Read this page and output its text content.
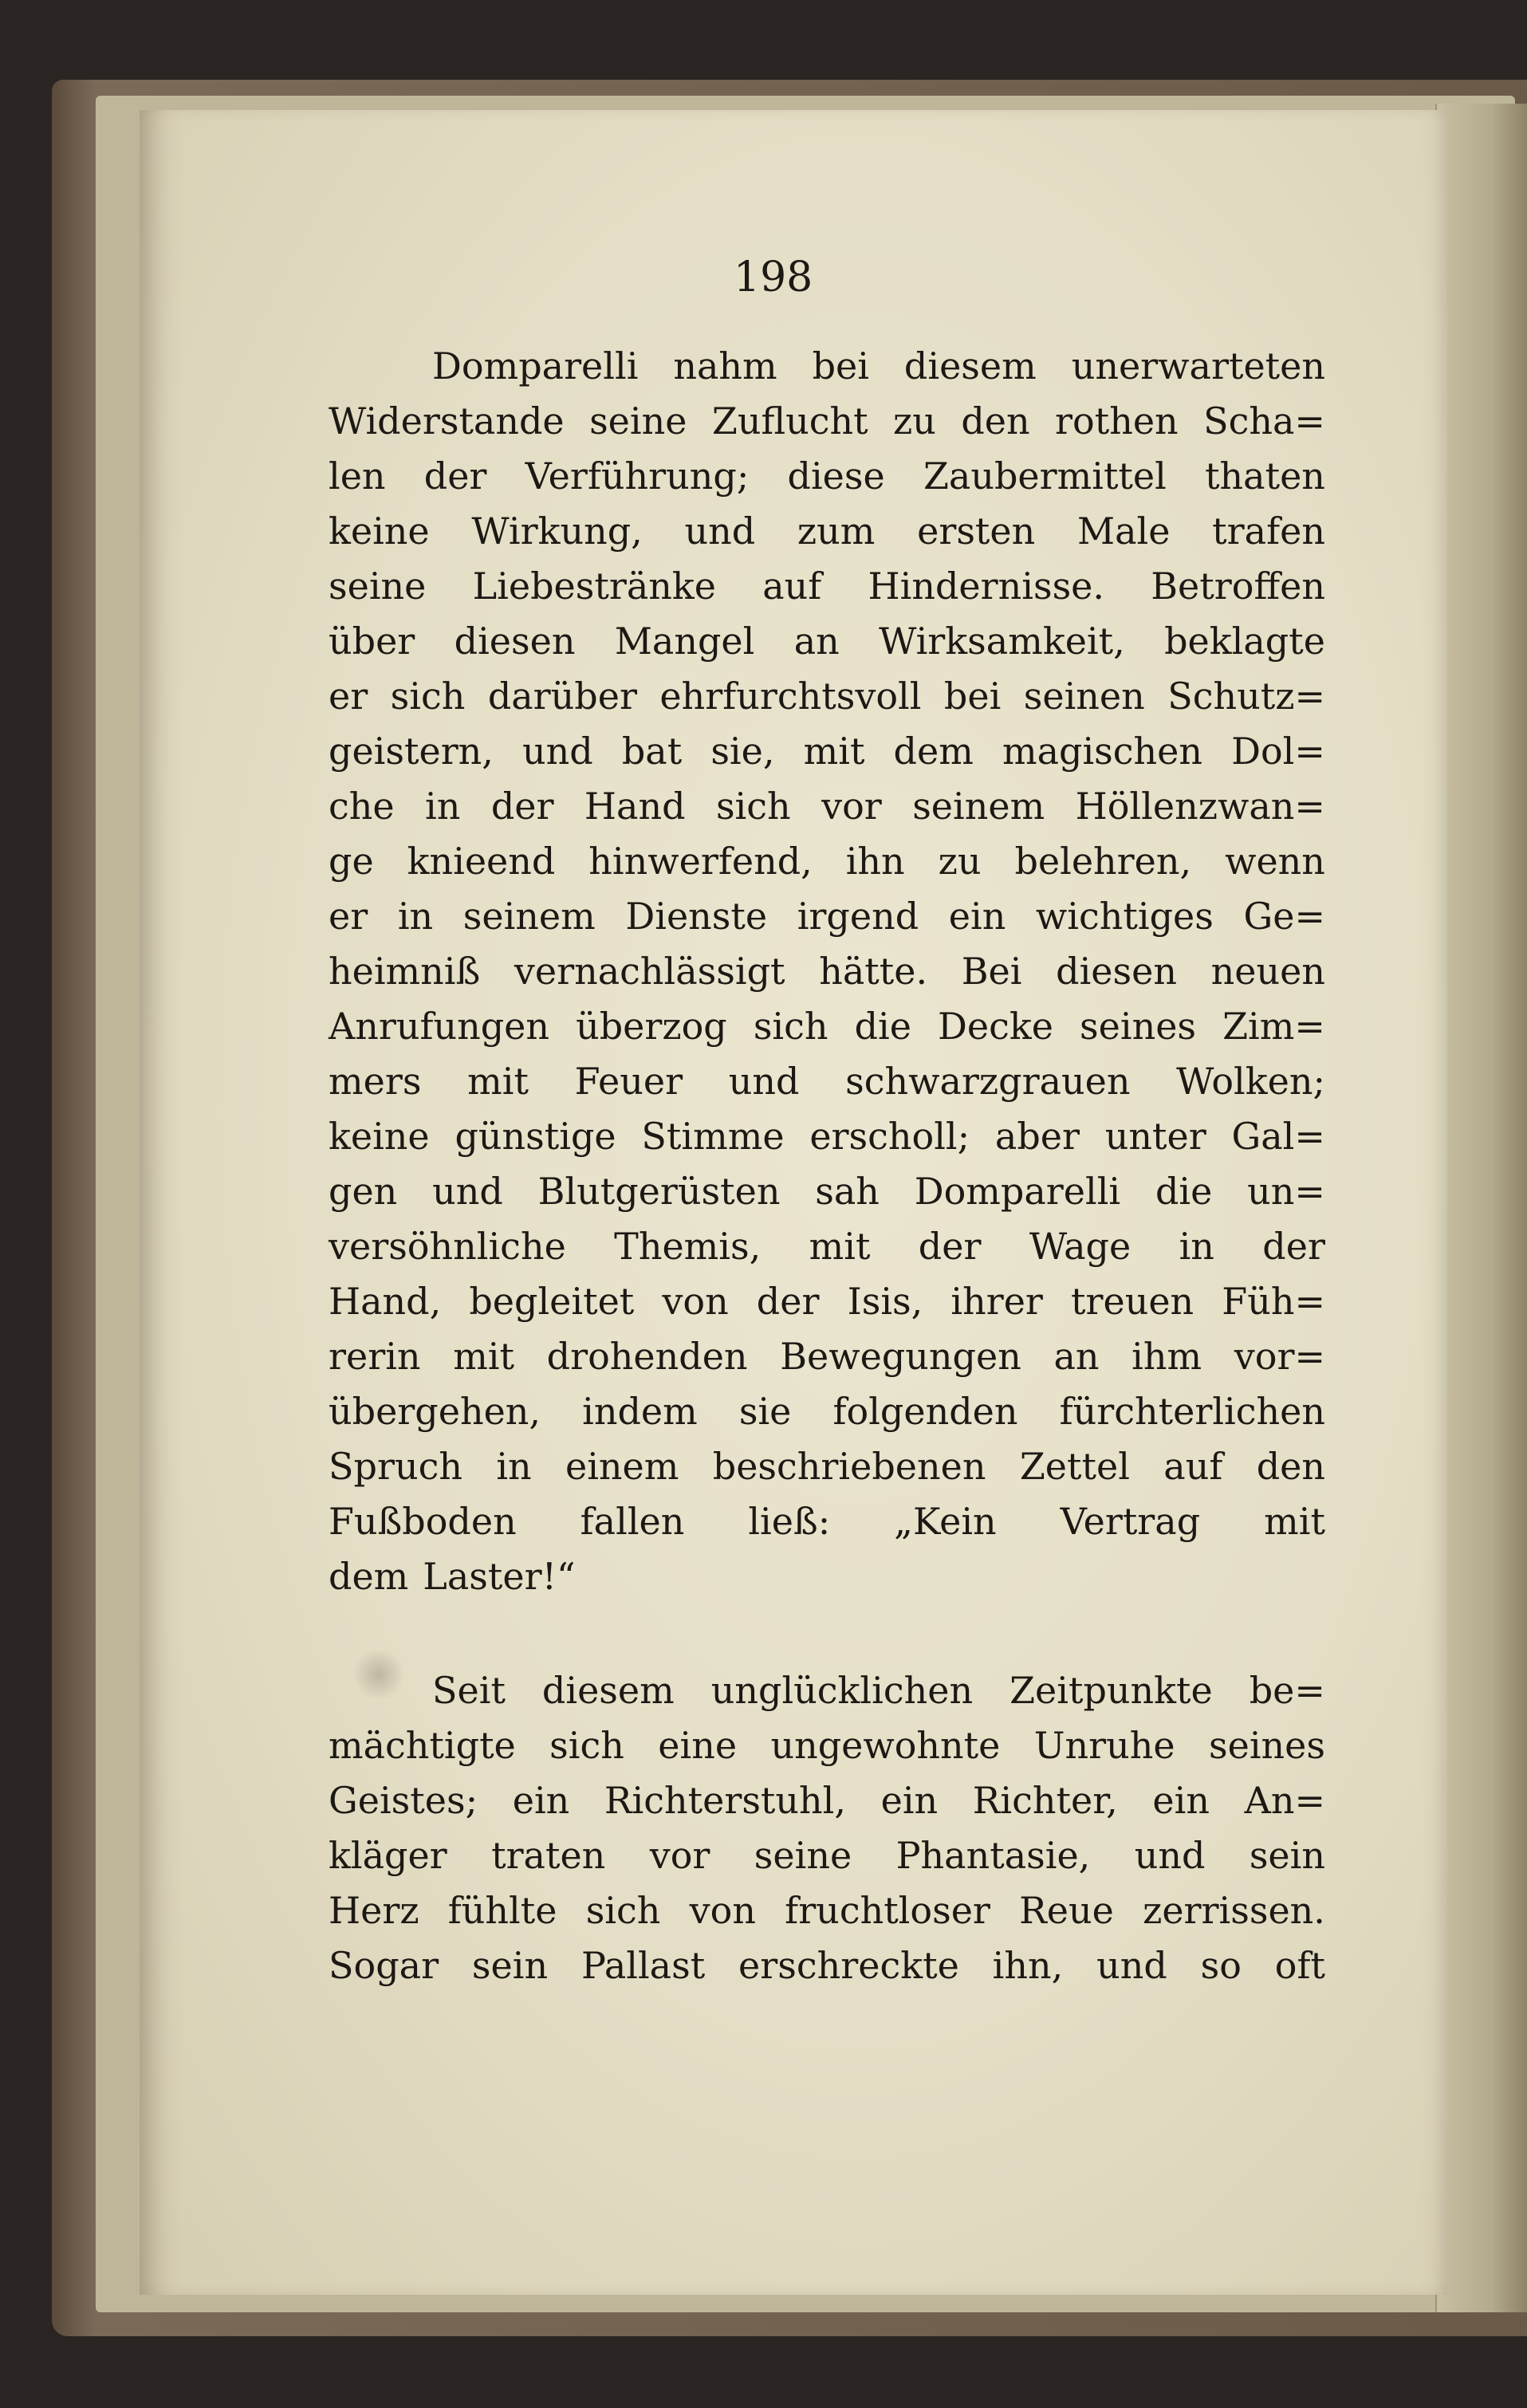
198
Domparelli nahm bei diesem unerwarteten
Widerstande seine Zuflucht zu den rothen Scha=
len der Verführung; diese Zaubermittel thaten
keine Wirkung, und zum ersten Male trafen
seine Liebestränke auf Hindernisse. Betroffen
über diesen Mangel an Wirksamkeit, beklagte
er sich darüber ehrfurchtsvoll bei seinen Schutz=
geistern, und bat sie, mit dem magischen Dol=
che in der Hand sich vor seinem Höllenzwan=
ge knieend hinwerfend, ihn zu belehren, wenn
er in seinem Dienste irgend ein wichtiges Ge=
heimniß vernachlässigt hätte. Bei diesen neuen
Anrufungen überzog sich die Decke seines Zim=
mers mit Feuer und schwarzgrauen Wolken;
keine günstige Stimme erscholl; aber unter Gal=
gen und Blutgerüsten sah Domparelli die un=
versöhnliche Themis, mit der Wage in der
Hand, begleitet von der Isis, ihrer treuen Füh=
rerin mit drohenden Bewegungen an ihm vor=
übergehen, indem sie folgenden fürchterlichen
Spruch in einem beschriebenen Zettel auf den
Fußboden fallen ließ: „Kein Vertrag mit
dem Laster!“
Seit diesem unglücklichen Zeitpunkte be=
mächtigte sich eine ungewohnte Unruhe seines
Geistes; ein Richterstuhl, ein Richter, ein An=
kläger traten vor seine Phantasie, und sein
Herz fühlte sich von fruchtloser Reue zerrissen.
Sogar sein Pallast erschreckte ihn, und so oft
